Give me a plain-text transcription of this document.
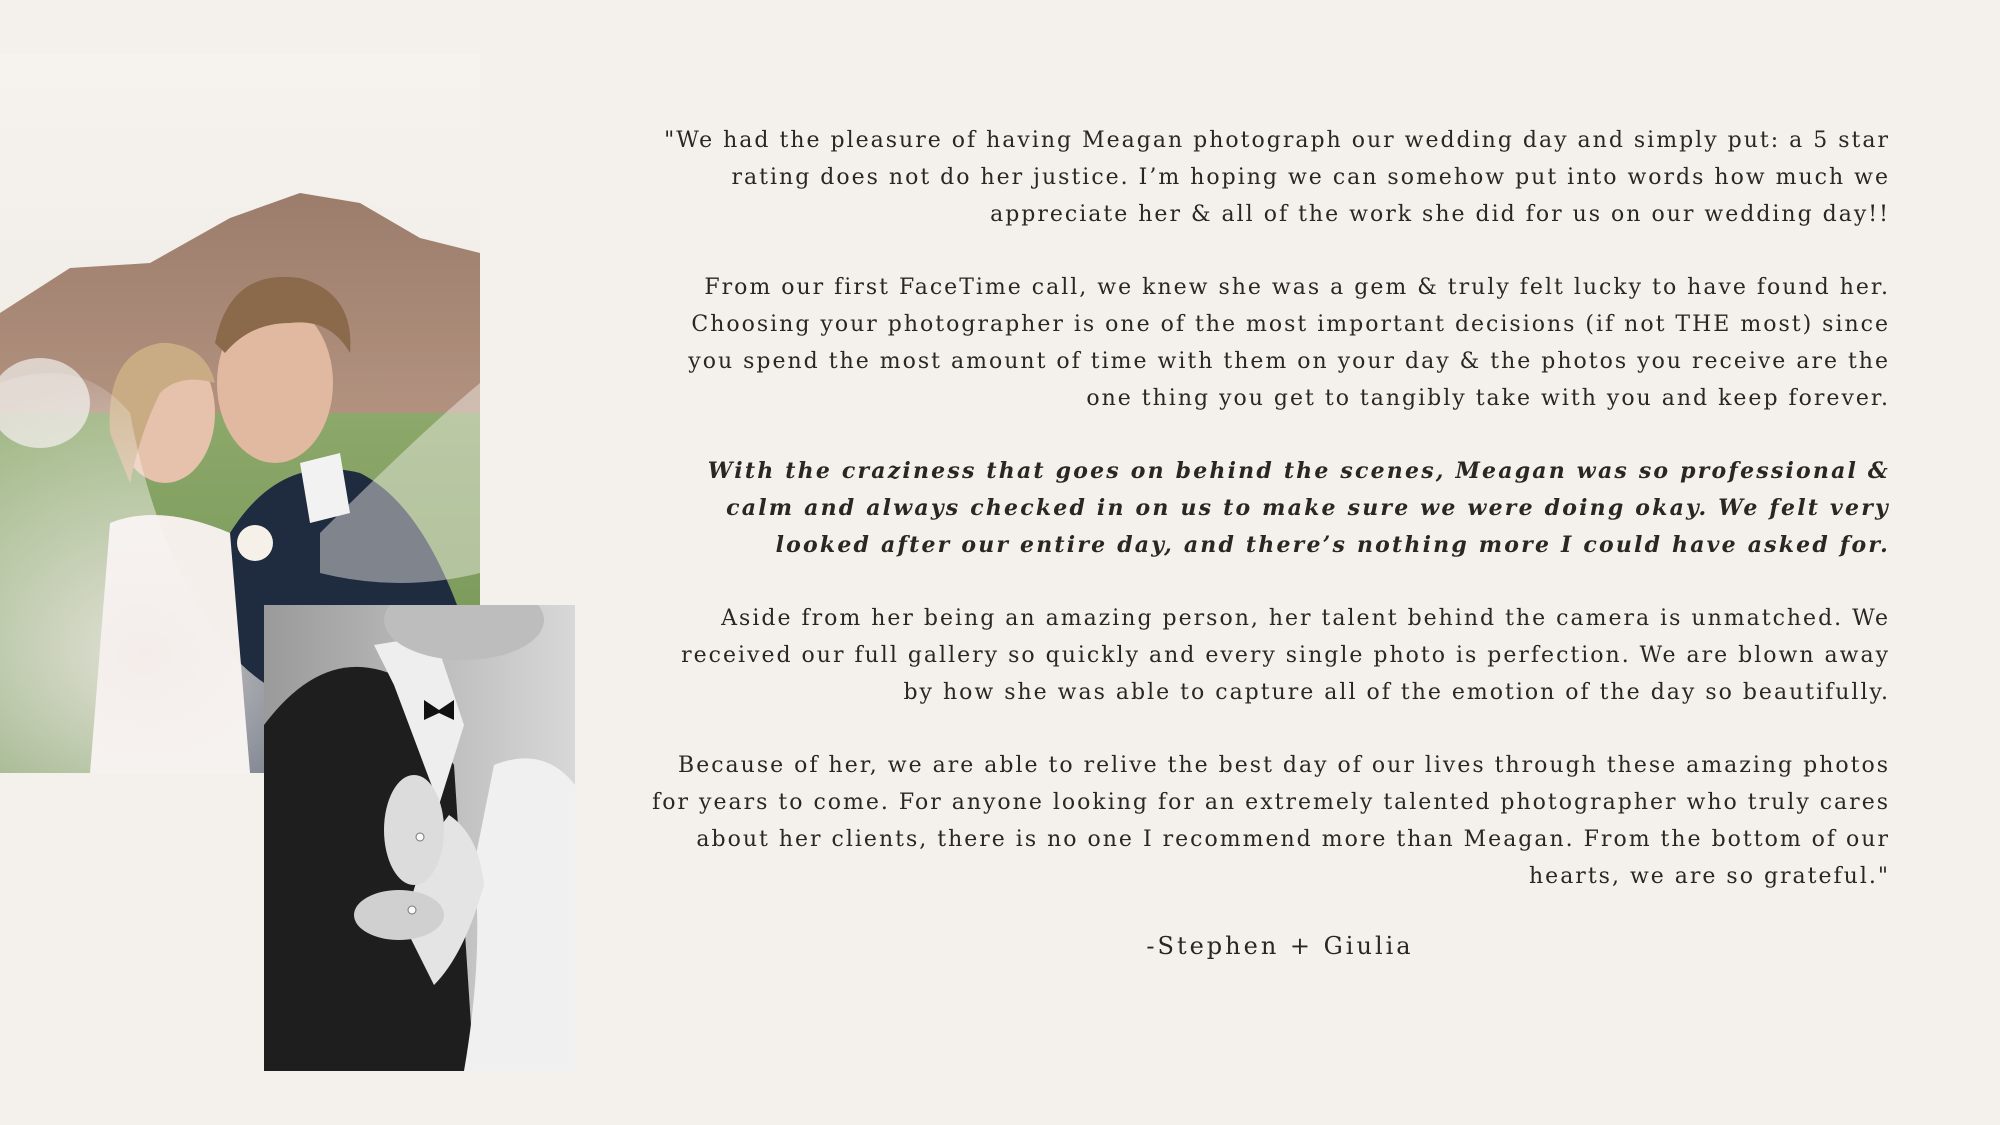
"We had the pleasure of having Meagan photograph our wedding day and simply put: a 5 star rating does not do her justice. I’m hoping we can somehow put into words how much we appreciate her & all of the work she did for us on our wedding day!!

From our first FaceTime call, we knew she was a gem & truly felt lucky to have found her. Choosing your photographer is one of the most important decisions (if not THE most) since you spend the most amount of time with them on your day & the photos you receive are the one thing you get to tangibly take with you and keep forever.

With the craziness that goes on behind the scenes, Meagan was so professional & calm and always checked in on us to make sure we were doing okay. We felt very looked after our entire day, and there’s nothing more I could have asked for.

Aside from her being an amazing person, her talent behind the camera is unmatched. We received our full gallery so quickly and every single photo is perfection. We are blown away by how she was able to capture all of the emotion of the day so beautifully.

Because of her, we are able to relive the best day of our lives through these amazing photos for years to come. For anyone looking for an extremely talented photographer who truly cares about her clients, there is no one I recommend more than Meagan. From the bottom of our hearts, we are so grateful."

-Stephen + Giulia
